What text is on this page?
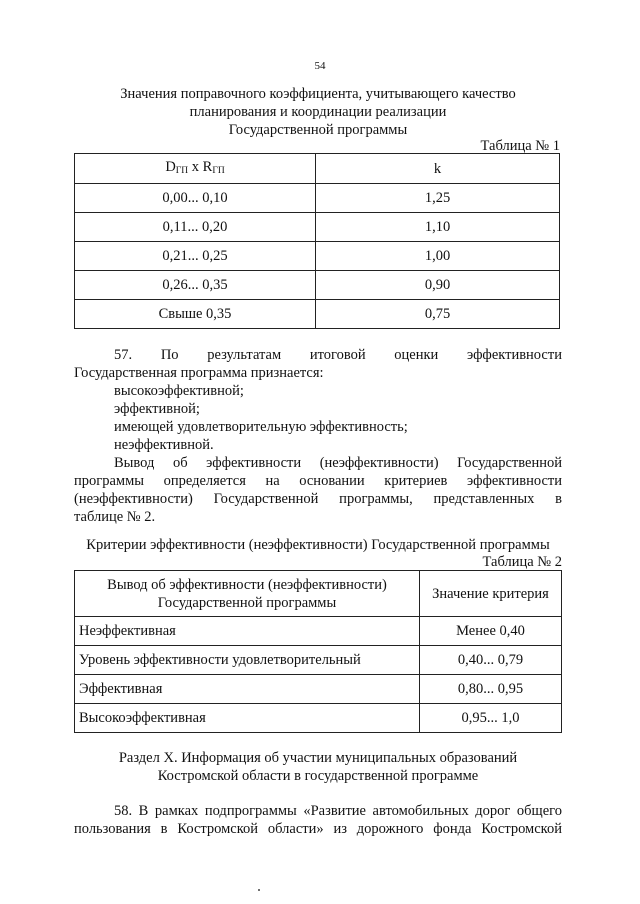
54
Значения поправочного коэффициента, учитывающего качество
планирования и координации реализации
Государственной программы
Таблица № 1
$D_{ГП}$ x $R_{ГП}$	k
0,00... 0,10	1,25
0,11... 0,20	1,10
0,21... 0,25	1,00
0,26... 0,35	0,90
Свыше 0,35	0,75
57. По результатам итоговой оценки эффективности
Государственная программа признается:
высокоэффективной;
эффективной;
имеющей удовлетворительную эффективность;
неэффективной.
Вывод об эффективности (неэффективности) Государственной
программы определяется на основании критериев эффективности
(неэффективности) Государственной программы, представленных в
таблице № 2.
Критерии эффективности (неэффективности) Государственной программы
Таблица № 2
Вывод об эффективности (неэффективности)
Государственной программы	Значение критерия
Неэффективная	Менее 0,40
Уровень эффективности удовлетворительный	0,40... 0,79
Эффективная	0,80... 0,95
Высокоэффективная	0,95... 1,0
Раздел X. Информация об участии муниципальных образований
Костромской области в государственной программе
58. В рамках подпрограммы «Развитие автомобильных дорог общего
пользования в Костромской области» из дорожного фонда Костромской
